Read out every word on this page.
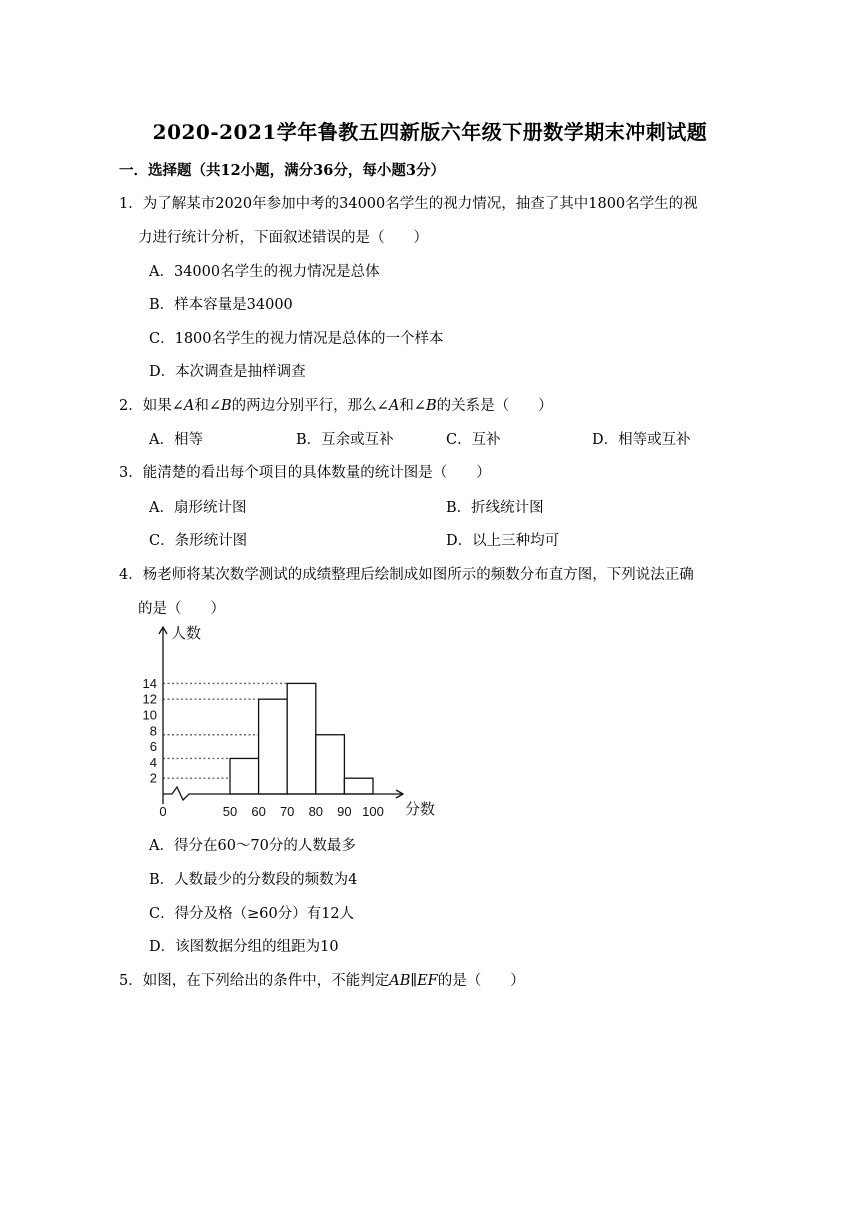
2020-2021学年鲁教五四新版六年级下册数学期末冲刺试题
一．选择题（共12小题，满分36分，每小题3分）
1．为了解某市2020年参加中考的34000名学生的视力情况，抽查了其中1800名学生的视
力进行统计分析，下面叙述错误的是（　　）
A．34000名学生的视力情况是总体
B．样本容量是34000
C．1800名学生的视力情况是总体的一个样本
D．本次调查是抽样调查
2．如果∠A和∠B的两边分别平行，那么∠A和∠B的关系是（　　）
A．相等	B．互余或互补	C．互补	D．相等或互补
3．能清楚的看出每个项目的具体数量的统计图是（　　）
A．扇形统计图	B．折线统计图
C．条形统计图	D．以上三种均可
4．杨老师将某次数学测试的成绩整理后绘制成如图所示的频数分布直方图，下列说法正确
的是（　　）
2
4
6
8
10
12
14
0	50 60 70 80 90 100
人数
分数
A．得分在60～70分的人数最多
B．人数最少的分数段的频数为4
C．得分及格（≥60分）有12人
D．该图数据分组的组距为10
5．如图，在下列给出的条件中，不能判定AB∥EF的是（　　）
